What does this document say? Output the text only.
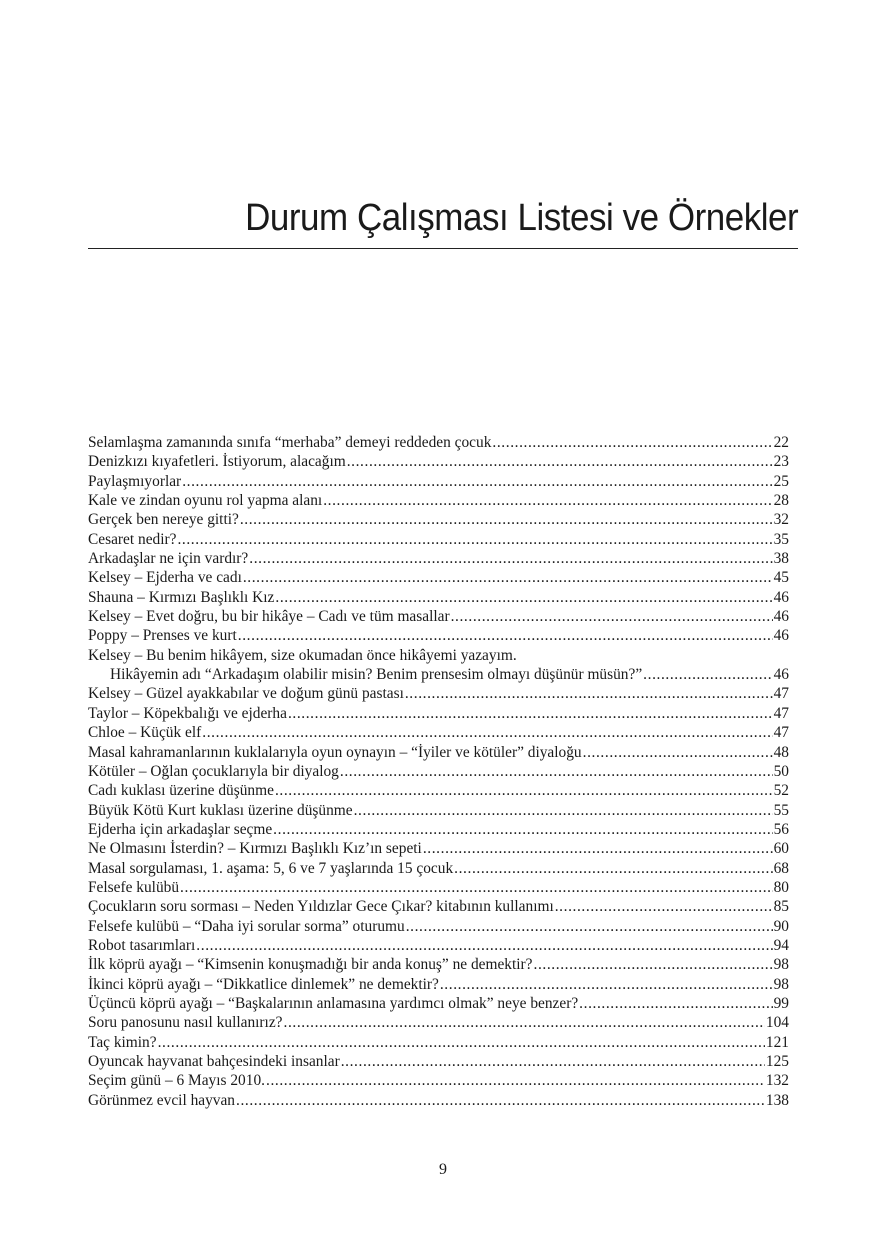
Durum Çalışması Listesi ve Örnekler
Selamlaşma zamanında sınıfa “merhaba” demeyi reddeden çocuk .....	22
Denizkızı kıyafetleri. İstiyorum, alacağım .....	23
Paylaşmıyorlar .....	25
Kale ve zindan oyunu rol yapma alanı .....	28
Gerçek ben nereye gitti? .....	32
Cesaret nedir? .....	35
Arkadaşlar ne için vardır? .....	38
Kelsey – Ejderha ve cadı .....	45
Shauna – Kırmızı Başlıklı Kız .....	46
Kelsey – Evet doğru, bu bir hikâye – Cadı ve tüm masallar .....	46
Poppy – Prenses ve kurt .....	46
Kelsey – Bu benim hikâyem, size okumadan önce hikâyemi yazayım.
Hikâyemin adı “Arkadaşım olabilir misin? Benim prensesim olmayı düşünür müsün?” .....	46
Kelsey – Güzel ayakkabılar ve doğum günü pastası .....	47
Taylor – Köpekbalığı ve ejderha .....	47
Chloe – Küçük elf .....	47
Masal kahramanlarının kuklalarıyla oyun oynayın – “İyiler ve kötüler” diyaloğu .....	48
Kötüler – Oğlan çocuklarıyla bir diyalog .....	50
Cadı kuklası üzerine düşünme .....	52
Büyük Kötü Kurt kuklası üzerine düşünme .....	55
Ejderha için arkadaşlar seçme .....	56
Ne Olmasını İsterdin? – Kırmızı Başlıklı Kız’ın sepeti .....	60
Masal sorgulaması, 1. aşama: 5, 6 ve 7 yaşlarında 15 çocuk .....	68
Felsefe kulübü .....	80
Çocukların soru sorması – Neden Yıldızlar Gece Çıkar? kitabının kullanımı .....	85
Felsefe kulübü – “Daha iyi sorular sorma” oturumu .....	90
Robot tasarımları .....	94
İlk köprü ayağı – “Kimsenin konuşmadığı bir anda konuş” ne demektir? .....	98
İkinci köprü ayağı – “Dikkatlice dinlemek” ne demektir? .....	98
Üçüncü köprü ayağı – “Başkalarının anlamasına yardımcı olmak” neye benzer? .....	99
Soru panosunu nasıl kullanırız? .....	104
Taç kimin? .....	121
Oyuncak hayvanat bahçesindeki insanlar .....	125
Seçim günü – 6 Mayıs 2010. .....	132
Görünmez evcil hayvan .....	138
9
